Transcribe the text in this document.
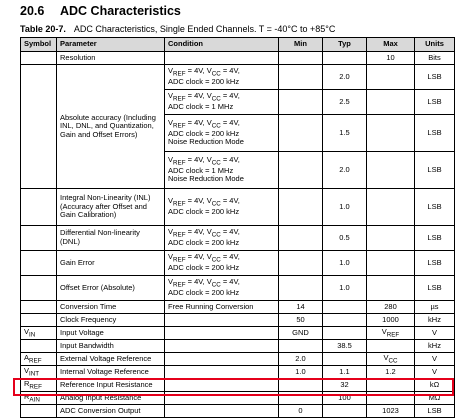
20.6 ADC Characteristics
Table 20-7. ADC Characteristics, Single Ended Channels. T = -40°C to +85°C
Symbol	Parameter	Condition	Min	Typ	Max	Units
	Resolution				10	Bits
	Absolute accuracy (Including INL, DNL, and Quantization, Gain and Offset Errors)	$V_{REF} = 4V$, $V_{CC} = 4V$,
ADC clock = 200 kHz		2.0		LSB
		$V_{REF} = 4V$, $V_{CC} = 4V$,
ADC clock = 1 MHz		2.5		LSB
		$V_{REF} = 4V$, $V_{CC} = 4V$,
ADC clock = 200 kHz
Noise Reduction Mode		1.5		LSB
		$V_{REF} = 4V$, $V_{CC} = 4V$,
ADC clock = 1 MHz
Noise Reduction Mode		2.0		LSB
	Integral Non-Linearity (INL) (Accuracy after Offset and Gain Calibration)	$V_{REF} = 4V$, $V_{CC} = 4V$,
ADC clock = 200 kHz		1.0		LSB
	Differential Non-linearity (DNL)	$V_{REF} = 4V$, $V_{CC} = 4V$,
ADC clock = 200 kHz		0.5		LSB
	Gain Error	$V_{REF} = 4V$, $V_{CC} = 4V$,
ADC clock = 200 kHz		1.0		LSB
	Offset Error (Absolute)	$V_{REF} = 4V$, $V_{CC} = 4V$,
ADC clock = 200 kHz		1.0		LSB
	Conversion Time	Free Running Conversion	14		280	µs
	Clock Frequency		50		1000	kHz
$V_{IN}$	Input Voltage		GND		$V_{REF}$	V
	Input Bandwidth			38.5		kHz
$A_{REF}$	External Voltage Reference		2.0		$V_{CC}$	V
$V_{INT}$	Internal Voltage Reference		1.0	1.1	1.2	V
$R_{REF}$	Reference Input Resistance			32		kΩ
$R_{AIN}$	Analog Input Resistance			100		MΩ
	ADC Conversion Output		0		1023	LSB
